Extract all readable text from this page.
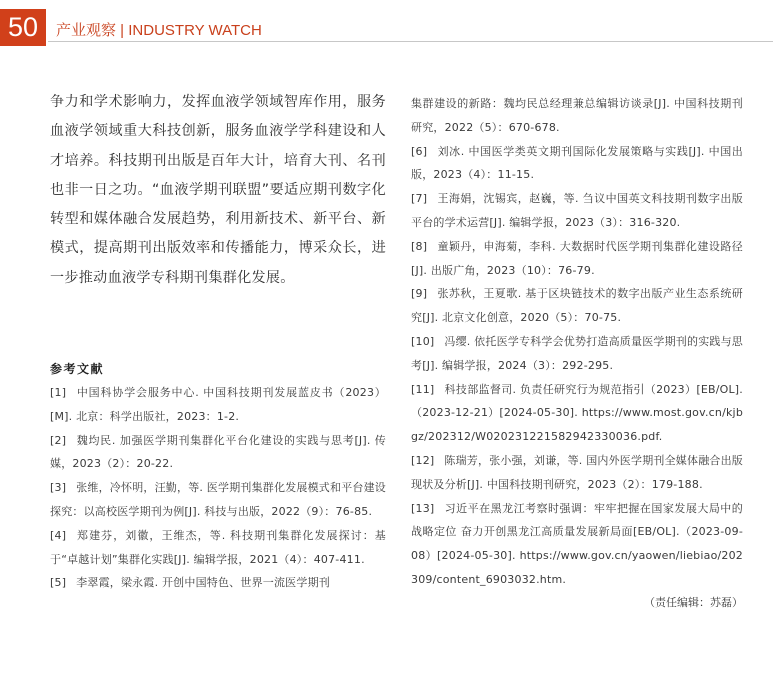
50	产业观察 | INDUSTRY WATCH

争力和学术影响力，发挥血液学领域智库作用，服务血液学领域重大科技创新，服务血液学学科建设和人才培养。科技期刊出版是百年大计，培育大刊、名刊也非一日之功。“血液学期刊联盟”要适应期刊数字化转型和媒体融合发展趋势，利用新技术、新平台、新模式，提高期刊出版效率和传播能力，博采众长，进一步推动血液学专科期刊集群化发展。

参考文献

[1] 中国科协学会服务中心. 中国科技期刊发展蓝皮书（2023）[M]. 北京：科学出版社，2023：1-2.

[2] 魏均民. 加强医学期刊集群化平台化建设的实践与思考[J]. 传媒，2023（2）：20-22.

[3] 张维，冷怀明，汪勤，等. 医学期刊集群化发展模式和平台建设探究：以高校医学期刊为例[J]. 科技与出版，2022（9）：76-85.

[4] 郑建芬，刘徽，王维杰，等. 科技期刊集群化发展探讨：基于“卓越计划”集群化实践[J]. 编辑学报，2021（4）：407-411.

[5] 李翠霞，梁永霞. 开创中国特色、世界一流医学期刊

集群建设的新路：魏均民总经理兼总编辑访谈录[J]. 中国科技期刊研究，2022（5）：670-678.

[6] 刘冰. 中国医学类英文期刊国际化发展策略与实践[J]. 中国出版，2023（4）：11-15.

[7] 王海娟，沈锡宾，赵巍，等. 刍议中国英文科技期刊数字出版平台的学术运营[J]. 编辑学报，2023（3）：316-320.

[8] 童颖丹，申海菊，李科. 大数据时代医学期刊集群化建设路径[J]. 出版广角，2023（10）：76-79.

[9] 张苏秋，王夏歌. 基于区块链技术的数字出版产业生态系统研究[J]. 北京文化创意，2020（5）：70-75.

[10] 冯缨. 依托医学专科学会优势打造高质量医学期刊的实践与思考[J]. 编辑学报，2024（3）：292-295.

[11] 科技部监督司. 负责任研究行为规范指引（2023）[EB/OL].（2023-12-21）[2024-05-30]. https://www.most.gov.cn/kjbgz/202312/W020231221582942330036.pdf.

[12] 陈瑞芳，张小强，刘谦，等. 国内外医学期刊全媒体融合出版现状及分析[J]. 中国科技期刊研究，2023（2）：179-188.

[13] 习近平在黑龙江考察时强调：牢牢把握在国家发展大局中的战略定位 奋力开创黑龙江高质量发展新局面[EB/OL].（2023-09-08）[2024-05-30]. https://www.gov.cn/yaowen/liebiao/202309/content_6903032.htm.

（责任编辑：苏磊）
